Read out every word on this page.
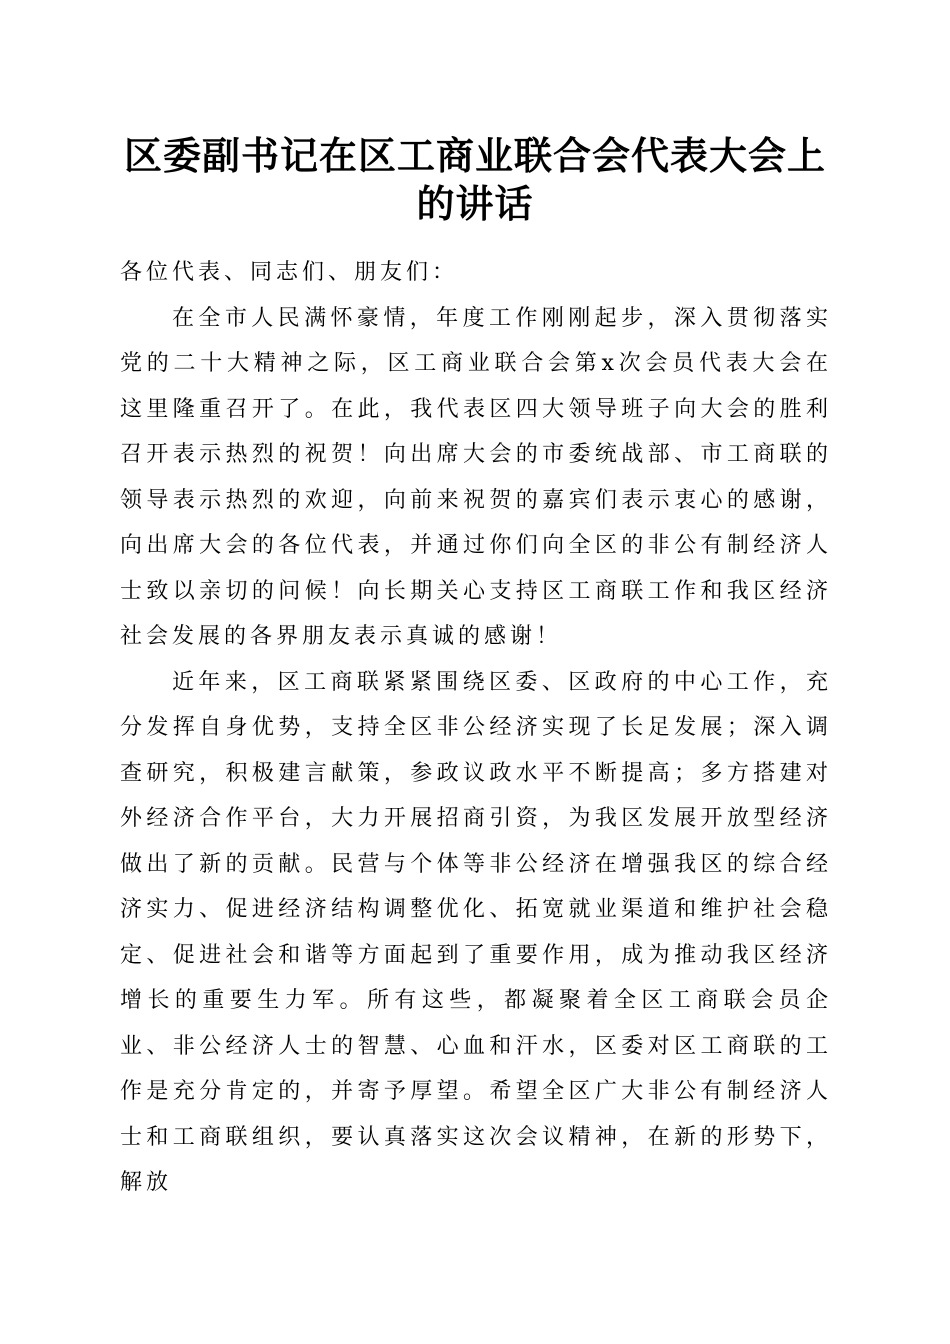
区委副书记在区工商业联合会代表大会上的讲话

各位代表、同志们、朋友们：

在全市人民满怀豪情，年度工作刚刚起步，深入贯彻落实党的二十大精神之际，区工商业联合会第x次会员代表大会在这里隆重召开了。在此，我代表区四大领导班子向大会的胜利召开表示热烈的祝贺！向出席大会的市委统战部、市工商联的领导表示热烈的欢迎，向前来祝贺的嘉宾们表示衷心的感谢，向出席大会的各位代表，并通过你们向全区的非公有制经济人士致以亲切的问候！向长期关心支持区工商联工作和我区经济社会发展的各界朋友表示真诚的感谢！

近年来，区工商联紧紧围绕区委、区政府的中心工作，充分发挥自身优势，支持全区非公经济实现了长足发展；深入调查研究，积极建言献策，参政议政水平不断提高；多方搭建对外经济合作平台，大力开展招商引资，为我区发展开放型经济做出了新的贡献。民营与个体等非公经济在增强我区的综合经济实力、促进经济结构调整优化、拓宽就业渠道和维护社会稳定、促进社会和谐等方面起到了重要作用，成为推动我区经济增长的重要生力军。所有这些，都凝聚着全区工商联会员企业、非公经济人士的智慧、心血和汗水，区委对区工商联的工作是充分肯定的，并寄予厚望。希望全区广大非公有制经济人士和工商联组织，要认真落实这次会议精神，在新的形势下，解放
